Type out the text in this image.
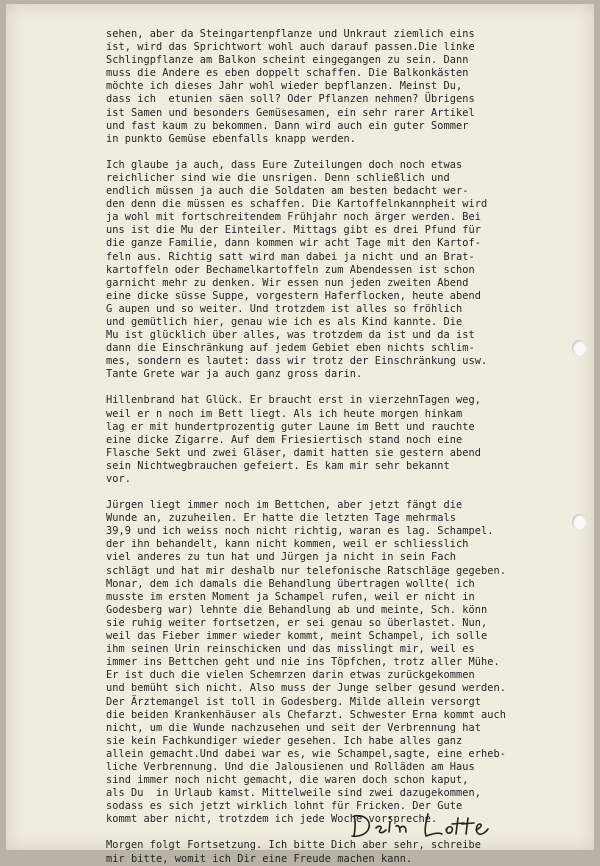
sehen, aber da Steingartenpflanze und Unkraut ziemlich eins
ist, wird das Sprichtwort wohl auch darauf passen.Die linke
Schlingpflanze am Balkon scheint eingegangen zu sein. Dann
muss die Andere es eben doppelt schaffen. Die Balkonkästen
möchte ich dieses Jahr wohl wieder bepflanzen. Meinst Du,
dass ich  etunien säen soll? Oder Pflanzen nehmen? Übrigens
ist Samen und besonders Gemüsesamen, ein sehr rarer Artikel
und fast kaum zu bekommen. Dann wird auch ein guter Sommer
in punkto Gemüse ebenfalls knapp werden.
Ich glaube ja auch, dass Eure Zuteilungen doch noch etwas
reichlicher sind wie die unsrigen. Denn schließlich und
endlich müssen ja auch die Soldaten am besten bedacht wer-
den denn die müssen es schaffen. Die Kartoffelnkannpheit wird
ja wohl mit fortschreitendem Frühjahr noch ärger werden. Bei
uns ist die Mu der Einteiler. Mittags gibt es drei Pfund für
die ganze Familie, dann kommen wir acht Tage mit den Kartof-
feln aus. Richtig satt wird man dabei ja nicht und an Brat-
kartoffeln oder Bechamelkartoffeln zum Abendessen ist schon
garnicht mehr zu denken. Wir essen nun jeden zweiten Abend
eine dicke süsse Suppe, vorgestern Haferflocken, heute abend
G aupen und so weiter. Und trotzdem ist alles so fröhlich
und gemütlich hier, genau wie ich es als Kind kannte. Die
Mu ist glücklich über alles, was trotzdem da ist und da ist
dann die Einschränkung auf jedem Gebiet eben nichts schlim-
mes, sondern es lautet: dass wir trotz der Einschränkung usw.
Tante Grete war ja auch ganz gross darin.
Hillenbrand hat Glück. Er braucht erst in vierzehnTagen weg,
weil er n noch im Bett liegt. Als ich heute morgen hinkam
lag er mit hundertprozentig guter Laune im Bett und rauchte
eine dicke Zigarre. Auf dem Friesiertisch stand noch eine
Flasche Sekt und zwei Gläser, damit hatten sie gestern abend
sein Nichtwegbrauchen gefeiert. Es kam mir sehr bekannt
vor.
Jürgen liegt immer noch im Bettchen, aber jetzt fängt die
Wunde an, zuzuheilen. Er hatte die letzten Tage mehrmals
39,9 und ich weiss noch nicht richtig, waran es lag. Schampel.
der ihn behandelt, kann nicht kommen, weil er schliesslich
viel anderes zu tun hat und Jürgen ja nicht in sein Fach
schlägt und hat mir deshalb nur telefonische Ratschläge gegeben.
Monar, dem ich damals die Behandlung übertragen wollte( ich
musste im ersten Moment ja Schampel rufen, weil er nicht in
Godesberg war) lehnte die Behandlung ab und meinte, Sch. könn
sie ruhig weiter fortsetzen, er sei genau so überlastet. Nun,
weil das Fieber immer wieder kommt, meint Schampel, ich solle
ihm seinen Urin reinschicken und das misslingt mir, weil es
immer ins Bettchen geht und nie ins Töpfchen, trotz aller Mühe.
Er ist duch die vielen Schemrzen darin etwas zurückgekommen
und bemüht sich nicht. Also muss der Junge selber gesund werden.
Der Ärztemangel ist toll in Godesberg. Milde allein versorgt
die beiden Krankenhäuser als Chefarzt. Schwester Erna kommt auch
nicht, um die Wunde nachzusehen und seit der Verbrennung hat
sie kein Fachkundiger wieder gesehen. Ich habe alles ganz
allein gemacht.Und dabei war es, wie Schampel,sagte, eine erheb-
liche Verbrennung. Und die Jalousienen und Rolläden am Haus
sind immer noch nicht gemacht, die waren doch schon kaput,
als Du  in Urlaub kamst. Mittelweile sind zwei dazugekommen,
sodass es sich jetzt wirklich lohnt für Fricken. Der Gute
kommt aber nicht, trotzdem ich jede Woche vorspreche.
Morgen folgt Fortsetzung. Ich bitte Dich aber sehr, schreibe
mir bitte, womit ich Dir eine Freude machen kann.
